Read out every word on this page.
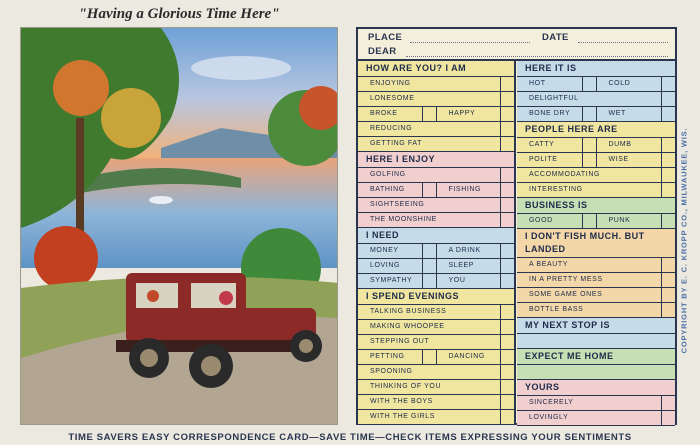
"Having a Glorious Time Here"
PLACE	DATE
DEAR
HOW ARE YOU? I AM
ENJOYING
LONESOME
BROKE	HAPPY
REDUCING
GETTING FAT
HERE I ENJOY
GOLFING
BATHING	FISHING
SIGHTSEEING
THE MOONSHINE
I NEED
MONEY	A DRINK
LOVING	SLEEP
SYMPATHY	YOU
I SPEND EVENINGS
TALKING BUSINESS
MAKING WHOOPEE
STEPPING OUT
PETTING	DANCING
SPOONING
THINKING OF YOU
WITH THE BOYS
WITH THE GIRLS
HERE IT IS
HOT	COLD
DELIGHTFUL
BONE DRY	WET
PEOPLE HERE ARE
CATTY	DUMB
POLITE	WISE
ACCOMMODATING
INTERESTING
BUSINESS IS
GOOD	PUNK
I DON'T FISH MUCH. BUT LANDED
A BEAUTY
IN A PRETTY MESS
SOME GAME ONES
BOTTLE BASS
MY NEXT STOP IS
EXPECT ME HOME
YOURS
SINCERELY
LOVINGLY
COPYRIGHT BY E. C. KROPP CO., MILWAUKEE, WIS.
TIME SAVERS EASY CORRESPONDENCE CARD—SAVE TIME—CHECK ITEMS EXPRESSING YOUR SENTIMENTS
